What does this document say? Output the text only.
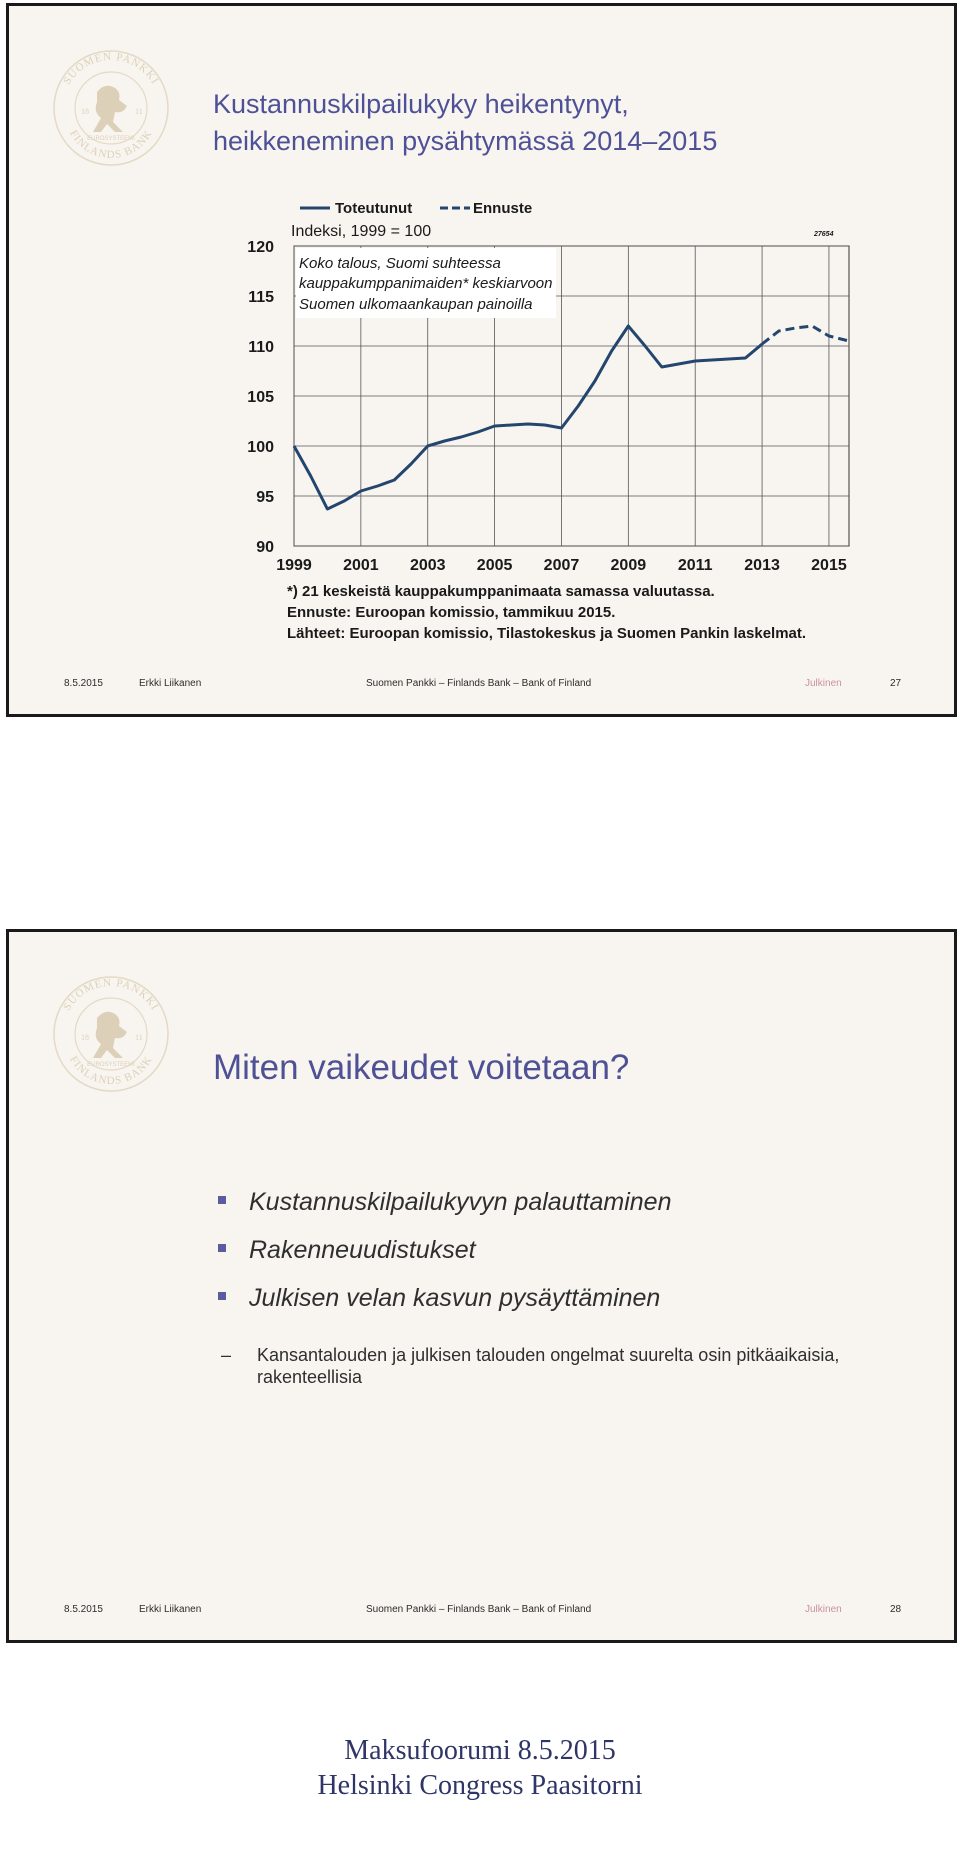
SUOMEN PANKKI
FINLANDS BANK
18	11
EUROSYSTEEMI
Kustannuskilpailukyky heikentynyt,
heikkeneminen pysähtymässä 2014–2015
90
95
100
105
110
115
120
1999 2001 2003 2005 2007 2009 2011 2013 2015
Toteutunut	Ennuste
Indeksi, 1999 = 100	27654
Koko talous, Suomi suhteessa
kauppakumppanimaiden* keskiarvoon
Suomen ulkomaankaupan painoilla
*) 21 keskeistä kauppakumppanimaata samassa valuutassa.
Ennuste: Euroopan komissio, tammikuu 2015.
Lähteet: Euroopan komissio, Tilastokeskus ja Suomen Pankin laskelmat.
8.5.2015	Erkki Liikanen	Suomen Pankki – Finlands Bank – Bank of Finland	Julkinen	27
SUOMEN PANKKI
FINLANDS BANK
18	11
EUROSYSTEEMI Miten vaikeudet voitetaan?
Kustannuskilpailukyvyn palauttaminen
Rakenneuudistukset
Julkisen velan kasvun pysäyttäminen
– Kansantalouden ja julkisen talouden ongelmat suurelta osin pitkäaikaisia, rakenteellisia
8.5.2015	Erkki Liikanen	Suomen Pankki – Finlands Bank – Bank of Finland	Julkinen	28
Maksufoorumi 8.5.2015
Helsinki Congress Paasitorni
